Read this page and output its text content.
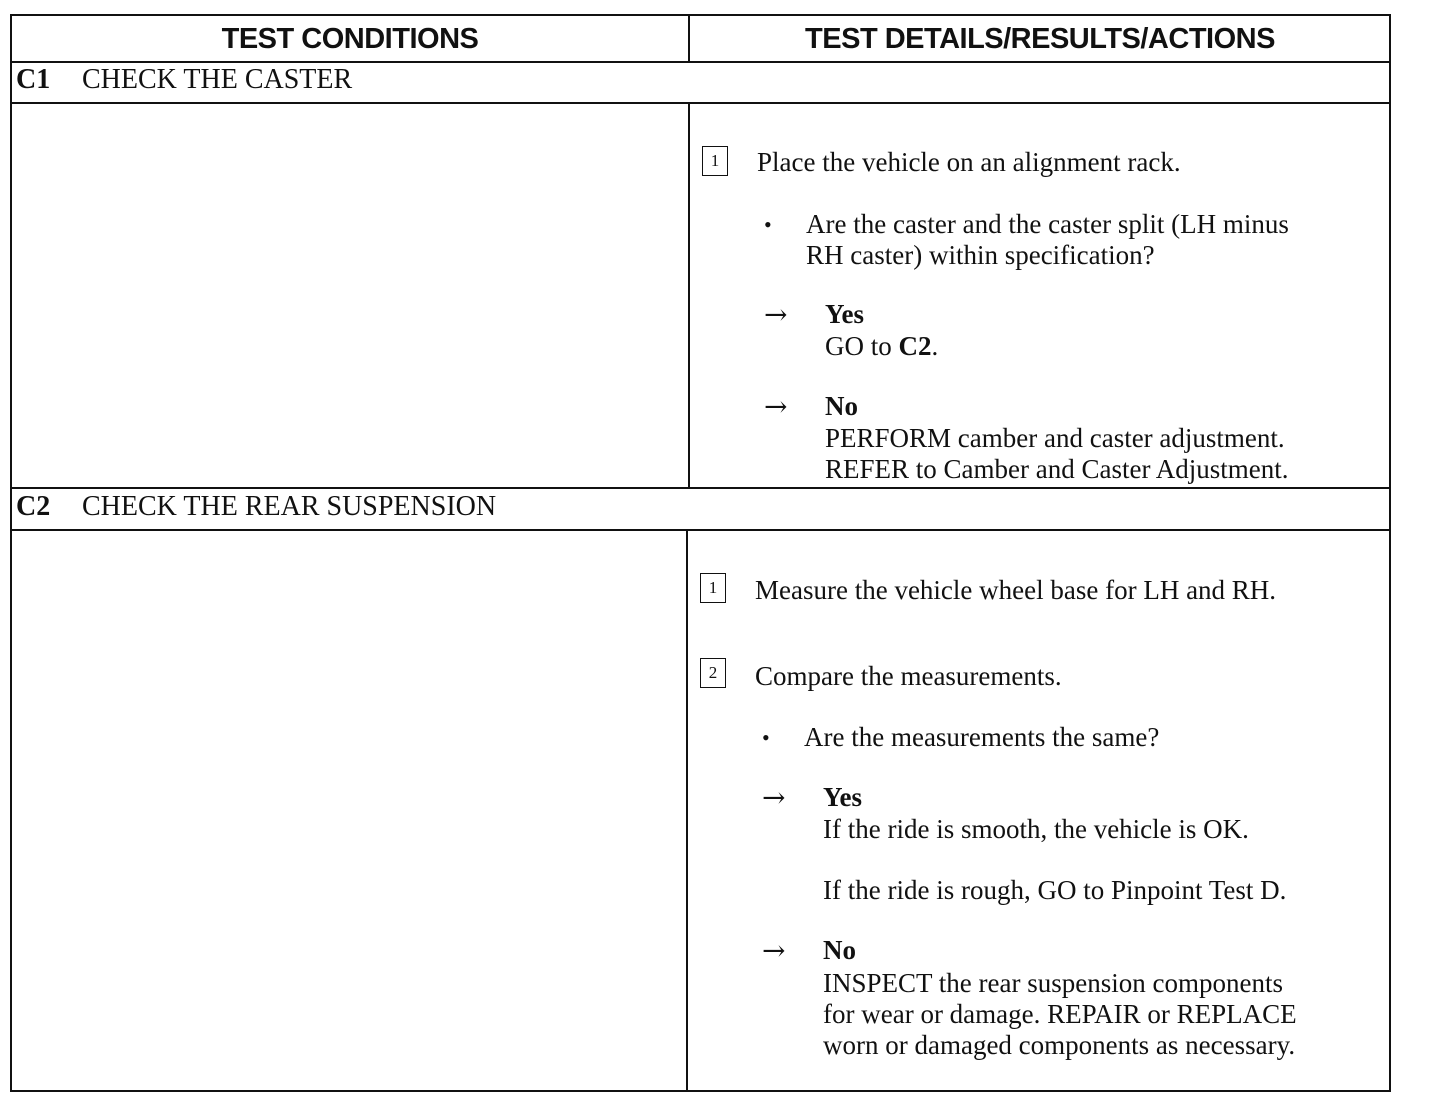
TEST CONDITIONS	TEST DETAILS/RESULTS/ACTIONS
C1 CHECK THE CASTER
1	Place the vehicle on an alignment rack.
• Are the caster and the caster split (LH minus
RH caster) within specification?
→ Yes
GO to C2.
→ No
PERFORM camber and caster adjustment.
REFER to Camber and Caster Adjustment.
C2 CHECK THE REAR SUSPENSION
1	Measure the vehicle wheel base for LH and RH.
2	Compare the measurements.
• Are the measurements the same?
→ Yes
If the ride is smooth, the vehicle is OK.
If the ride is rough, GO to Pinpoint Test D.
→ No
INSPECT the rear suspension components
for wear or damage. REPAIR or REPLACE
worn or damaged components as necessary.
